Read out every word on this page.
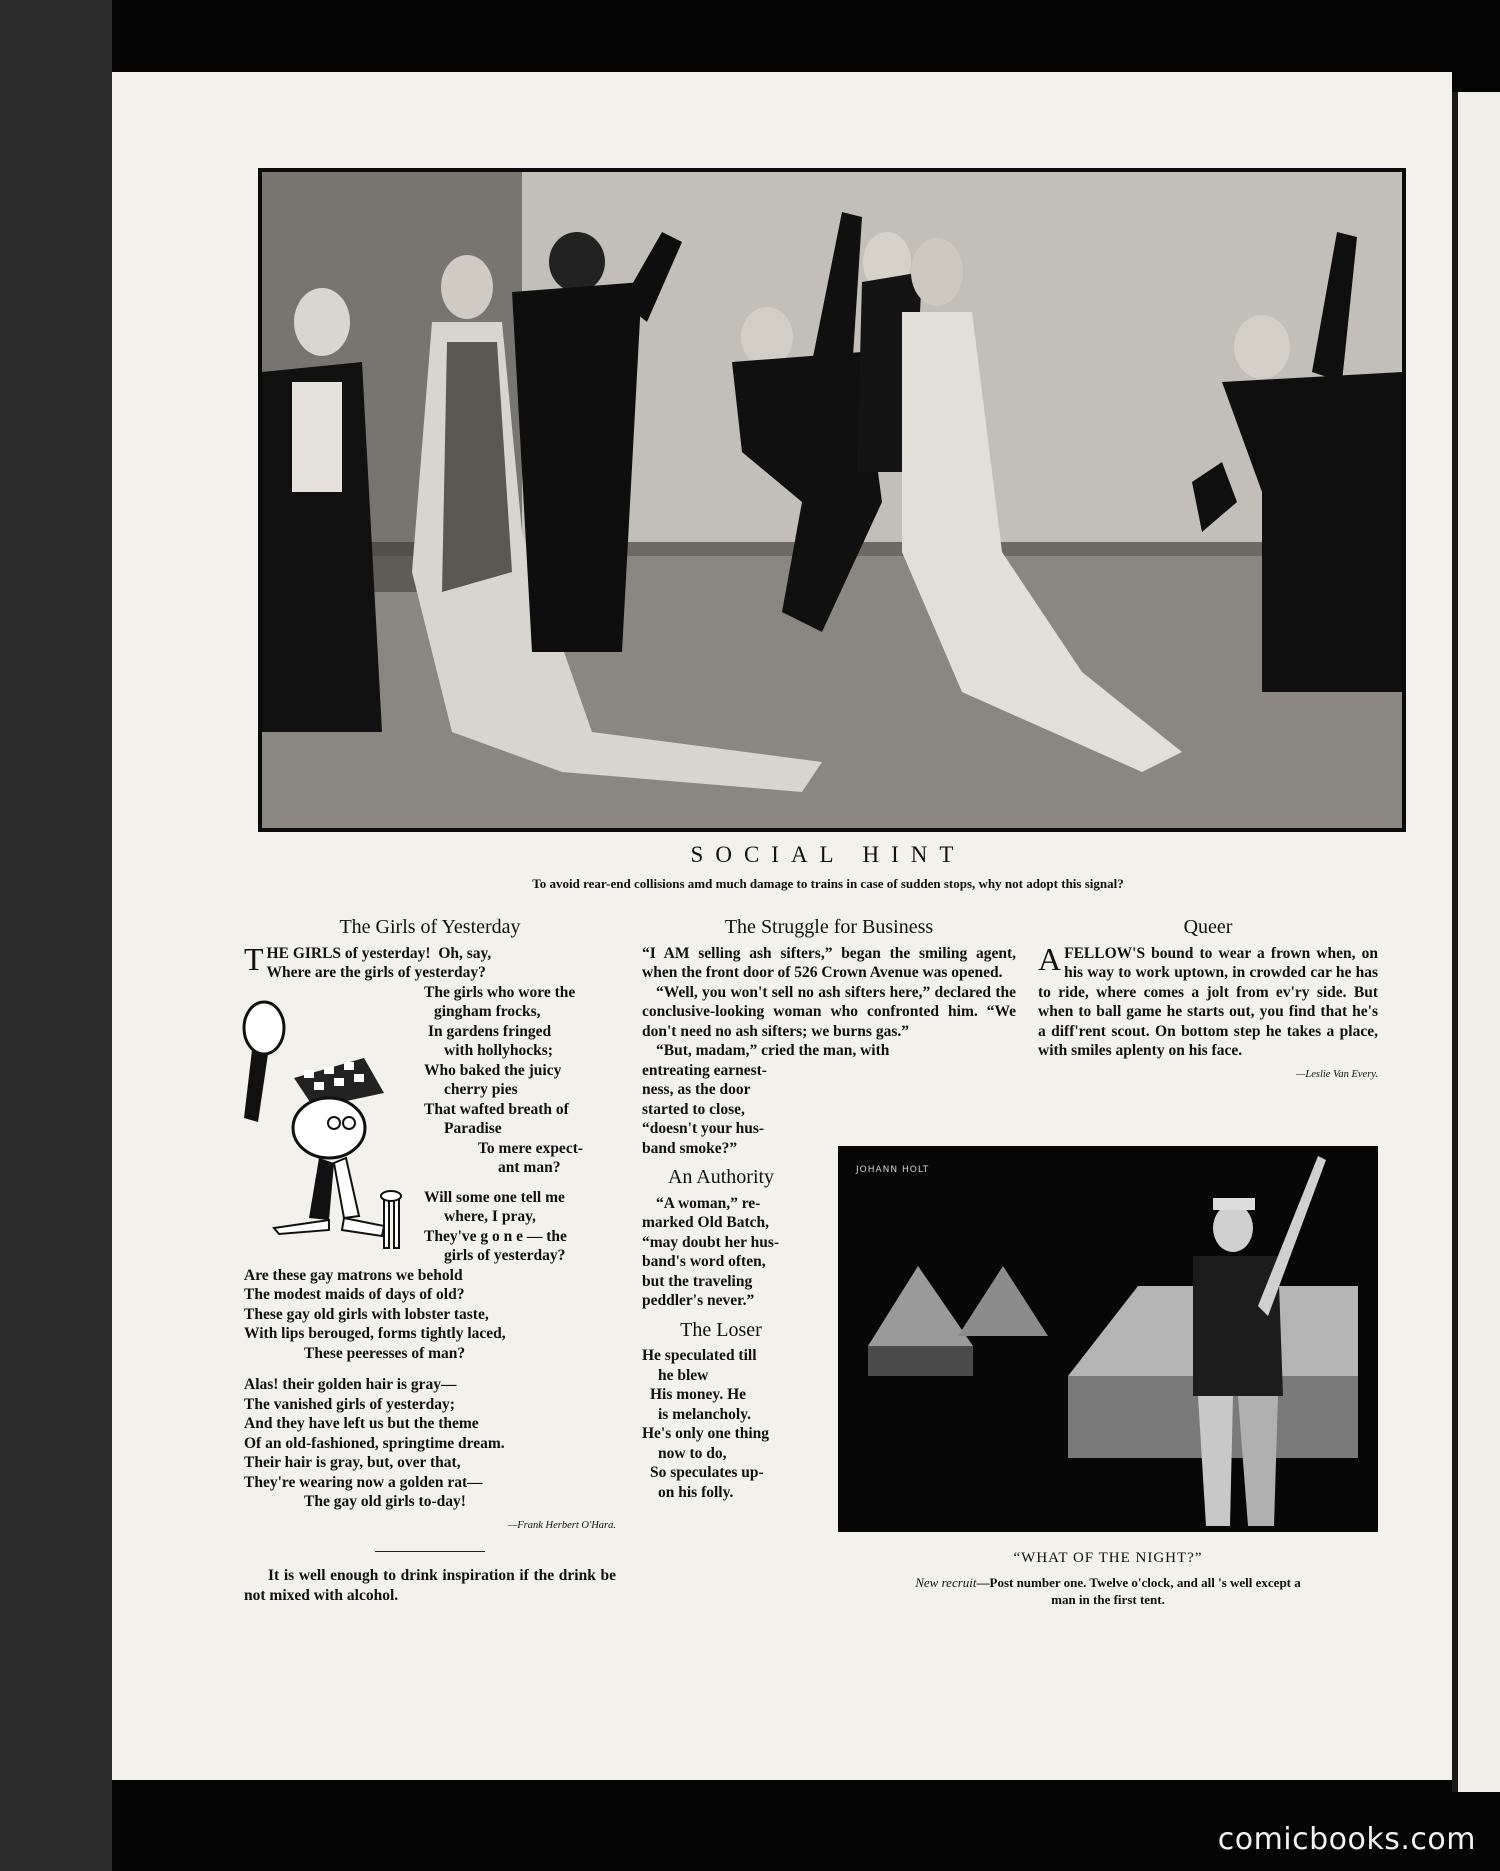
SOCIAL HINT
To avoid rear-end collisions amd much damage to trains in case of sudden stops, why not adopt this signal?
The Girls of Yesterday
T HE GIRLS of yesterday!  Oh, say,
Where are the girls of yesterday?
The girls who wore the
gingham frocks,
In gardens fringed
with hollyhocks;
Who baked the juicy
cherry pies
That wafted breath of
Paradise
To mere expect-
ant man?
Will some one tell me
where, I pray,
They've g o n e — the
girls of yesterday?
Are these gay matrons we behold
The modest maids of days of old?
These gay old girls with lobster taste,
With lips berouged, forms tightly laced,
These peeresses of man?
Alas! their golden hair is gray—
The vanished girls of yesterday;
And they have left us but the theme
Of an old-fashioned, springtime dream.
Their hair is gray, but, over that,
They're wearing now a golden rat—
The gay old girls to-day!
—Frank Herbert O'Hara.
It is well enough to drink inspiration if the drink be not mixed with alcohol.
The Struggle for Business
“I AM selling ash sifters,” began the smiling agent, when the front door of 526 Crown Avenue was opened.
“Well, you won't sell no ash sifters here,” declared the conclusive-looking woman who confronted him. “We don't need no ash sifters; we burns gas.”
“But, madam,” cried the man, with
entreating earnest-
ness, as the door
started to close,
“doesn't your hus-
band smoke?”
An Authority
“A woman,” re-
marked Old Batch,
“may doubt her hus-
band's word often,
but the traveling
peddler's never.”
The Loser
He speculated till
he blew
His money. He
is melancholy.
He's only one thing
now to do,
So speculates up-
on his folly.
Queer
AFELLOW'S bound to wear a frown when, on his way to work uptown, in crowded car he has to ride, where comes a jolt from ev'ry side. But when to ball game he starts out, you find that he's a diff'rent scout. On bottom step he takes a place, with smiles aplenty on his face.
—Leslie Van Every.
JOHANN HOLT
“WHAT OF THE NIGHT?”
New recruit—Post number one. Twelve o'clock, and all 's well except a
man in the first tent.
comicbooks.com
